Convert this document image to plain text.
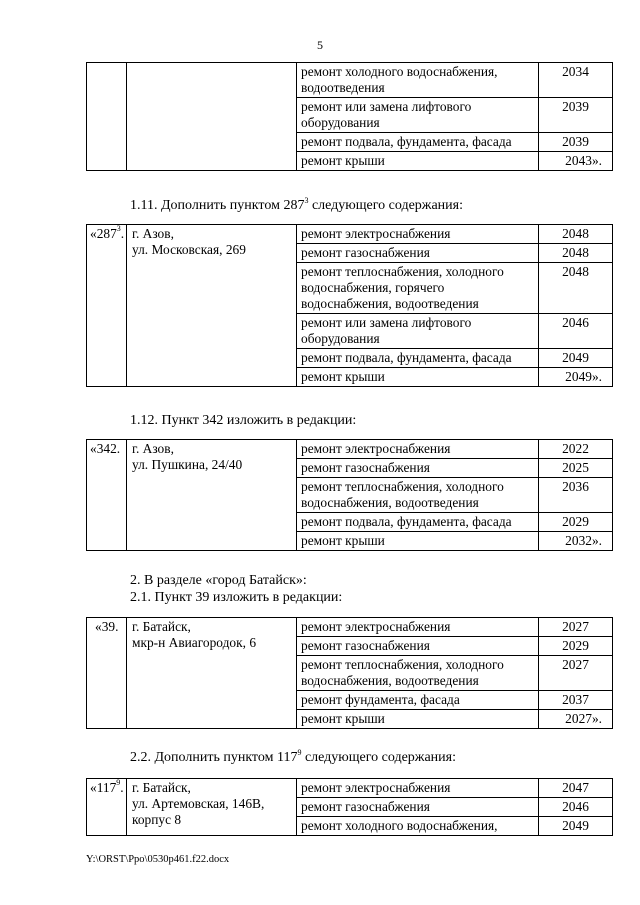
5
		ремонт холодного водоснабжения, водоотведения	2034
		ремонт или замена лифтового оборудования	2039
		ремонт подвала, фундамента, фасада	2039
		ремонт крыши	2043».
1.11. Дополнить пунктом $287^3$ следующего содержания:
«$287^3$.	г. Азов,
ул. Московская, 269	ремонт электроснабжения	2048
		ремонт газоснабжения	2048
		ремонт теплоснабжения, холодного водоснабжения, горячего водоснабжения, водоотведения	2048
		ремонт или замена лифтового оборудования	2046
		ремонт подвала, фундамента, фасада	2049
		ремонт крыши	2049».
1.12. Пункт 342 изложить в редакции:
«342.	г. Азов,
ул. Пушкина, 24/40	ремонт электроснабжения	2022
		ремонт газоснабжения	2025
		ремонт теплоснабжения, холодного водоснабжения, водоотведения	2036
		ремонт подвала, фундамента, фасада	2029
		ремонт крыши	2032».
2. В разделе «город Батайск»:
2.1. Пункт 39 изложить в редакции:
«39.	г. Батайск,
мкр-н Авиагородок, 6	ремонт электроснабжения	2027
		ремонт газоснабжения	2029
		ремонт теплоснабжения, холодного водоснабжения, водоотведения	2027
		ремонт фундамента, фасада	2037
		ремонт крыши	2027».
2.2. Дополнить пунктом $117^9$ следующего содержания:
«$117^9$.	г. Батайск,
ул. Артемовская, 146В,
корпус 8	ремонт электроснабжения	2047
		ремонт газоснабжения	2046
		ремонт холодного водоснабжения,	2049
Y:\ORST\Ppo\0530p461.f22.docx
